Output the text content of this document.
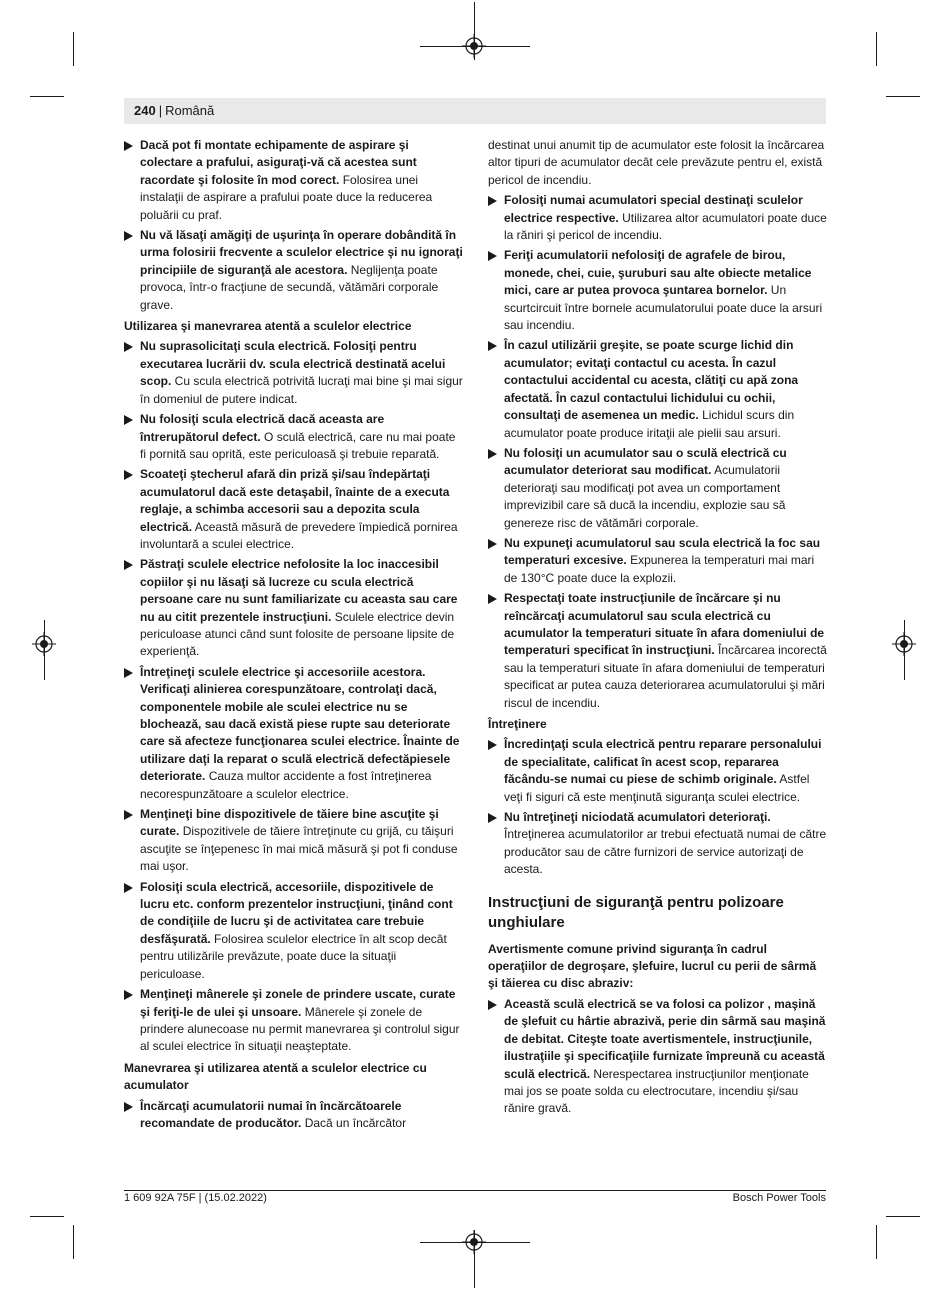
240 | Română
Dacă pot fi montate echipamente de aspirare şi colectare a prafului, asiguraţi-vă că acestea sunt racordate şi folosite în mod corect. Folosirea unei instalaţii de aspirare a prafului poate duce la reducerea poluării cu praf.
Nu vă lăsaţi amăgiţi de uşurinţa în operare dobândită în urma folosirii frecvente a sculelor electrice şi nu ignoraţi principiile de siguranţă ale acestora. Neglijenţa poate provoca, într-o fracţiune de secundă, vătămări corporale grave.
Utilizarea şi manevrarea atentă a sculelor electrice
Nu suprasolicitaţi scula electrică. Folosiţi pentru executarea lucrării dv. scula electrică destinată acelui scop. Cu scula electrică potrivită lucraţi mai bine şi mai sigur în domeniul de putere indicat.
Nu folosiţi scula electrică dacă aceasta are întrerupătorul defect. O sculă electrică, care nu mai poate fi pornită sau oprită, este periculoasă şi trebuie reparată.
Scoateţi ştecherul afară din priză şi/sau îndepărtaţi acumulatorul dacă este detaşabil, înainte de a executa reglaje, a schimba accesorii sau a depozita scula electrică. Această măsură de prevedere împiedică pornirea involuntară a sculei electrice.
Păstraţi sculele electrice nefolosite la loc inaccesibil copiilor şi nu lăsaţi să lucreze cu scula electrică persoane care nu sunt familiarizate cu aceasta sau care nu au citit prezentele instrucţiuni. Sculele electrice devin periculoase atunci când sunt folosite de persoane lipsite de experienţă.
Întreţineţi sculele electrice şi accesoriile acestora. Verificaţi alinierea corespunzătoare, controlaţi dacă, componentele mobile ale sculei electrice nu se blochează, sau dacă există piese rupte sau deteriorate care să afecteze funcţionarea sculei electrice. Înainte de utilizare daţi la reparat o sculă electrică defectăpiesele deteriorate. Cauza multor accidente a fost întreţinerea necorespunzătoare a sculelor electrice.
Menţineţi bine dispozitivele de tăiere bine ascuţite şi curate. Dispozitivele de tăiere întreţinute cu grijă, cu tăişuri ascuţite se înţepenesc în mai mică măsură şi pot fi conduse mai uşor.
Folosiţi scula electrică, accesoriile, dispozitivele de lucru etc. conform prezentelor instrucţiuni, ţinând cont de condiţiile de lucru şi de activitatea care trebuie desfăşurată. Folosirea sculelor electrice în alt scop decât pentru utilizările prevăzute, poate duce la situaţii periculoase.
Menţineţi mânerele şi zonele de prindere uscate, curate şi feriţi-le de ulei şi unsoare. Mânerele şi zonele de prindere alunecoase nu permit manevrarea şi controlul sigur al sculei electrice în situaţii neaşteptate.
Manevrarea şi utilizarea atentă a sculelor electrice cu acumulator
Încărcaţi acumulatorii numai în încărcătoarele recomandate de producător. Dacă un încărcător
destinat unui anumit tip de acumulator este folosit la încărcarea altor tipuri de acumulator decât cele prevăzute pentru el, există pericol de incendiu.
Folosiţi numai acumulatori special destinaţi sculelor electrice respective. Utilizarea altor acumulatori poate duce la răniri şi pericol de incendiu.
Feriţi acumulatorii nefolosiţi de agrafele de birou, monede, chei, cuie, şuruburi sau alte obiecte metalice mici, care ar putea provoca şuntarea bornelor. Un scurtcircuit între bornele acumulatorului poate duce la arsuri sau incendiu.
În cazul utilizării greşite, se poate scurge lichid din acumulator; evitaţi contactul cu acesta. În cazul contactului accidental cu acesta, clătiţi cu apă zona afectată. În cazul contactului lichidului cu ochii, consultaţi de asemenea un medic. Lichidul scurs din acumulator poate produce iritaţii ale pielii sau arsuri.
Nu folosiţi un acumulator sau o sculă electrică cu acumulator deteriorat sau modificat. Acumulatorii deterioraţi sau modificaţi pot avea un comportament imprevizibil care să ducă la incendiu, explozie sau să genereze risc de vătămări corporale.
Nu expuneţi acumulatorul sau scula electrică la foc sau temperaturi excesive. Expunerea la temperaturi mai mari de 130°C poate duce la explozii.
Respectaţi toate instrucţiunile de încărcare şi nu reîncărcaţi acumulatorul sau scula electrică cu acumulator la temperaturi situate în afara domeniului de temperaturi specificat în instrucţiuni. Încărcarea incorectă sau la temperaturi situate în afara domeniului de temperaturi specificat ar putea cauza deteriorarea acumulatorului şi mări riscul de incendiu.
Întreţinere
Încredinţaţi scula electrică pentru reparare personalului de specialitate, calificat în acest scop, repararea făcându-se numai cu piese de schimb originale. Astfel veţi fi siguri că este menţinută siguranţa sculei electrice.
Nu întreţineţi niciodată acumulatori deterioraţi. Întreţinerea acumulatorilor ar trebui efectuată numai de către producător sau de către furnizori de service autorizaţi de acesta.
Instrucţiuni de siguranţă pentru polizoare unghiulare
Avertismente comune privind siguranţa în cadrul operaţiilor de degroşare, şlefuire, lucrul cu perii de sârmă şi tăierea cu disc abraziv:
Această sculă electrică se va folosi ca polizor , maşină de şlefuit cu hârtie abrazivă, perie din sârmă sau maşină de debitat. Citeşte toate avertismentele, instrucţiunile, ilustraţiile şi specificaţiile furnizate împreună cu această sculă electrică. Nerespectarea instrucţiunilor menţionate mai jos se poate solda cu electrocutare, incendiu şi/sau rănire gravă.
1 609 92A 75F | (15.02.2022)	Bosch Power Tools
